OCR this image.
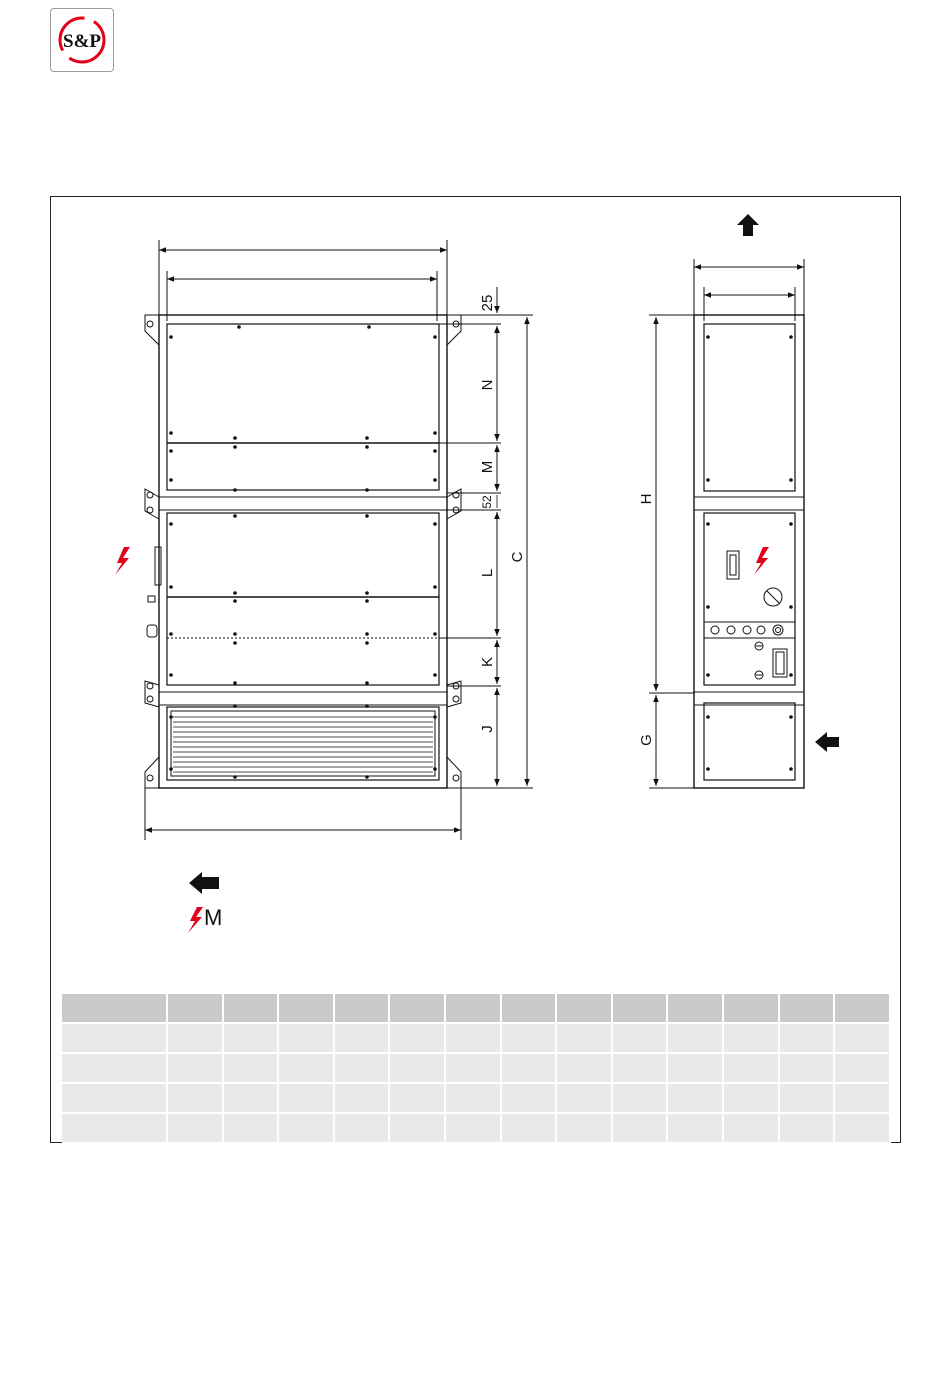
S&P
25
N
M
52
L
K
J
C
H
G
M
